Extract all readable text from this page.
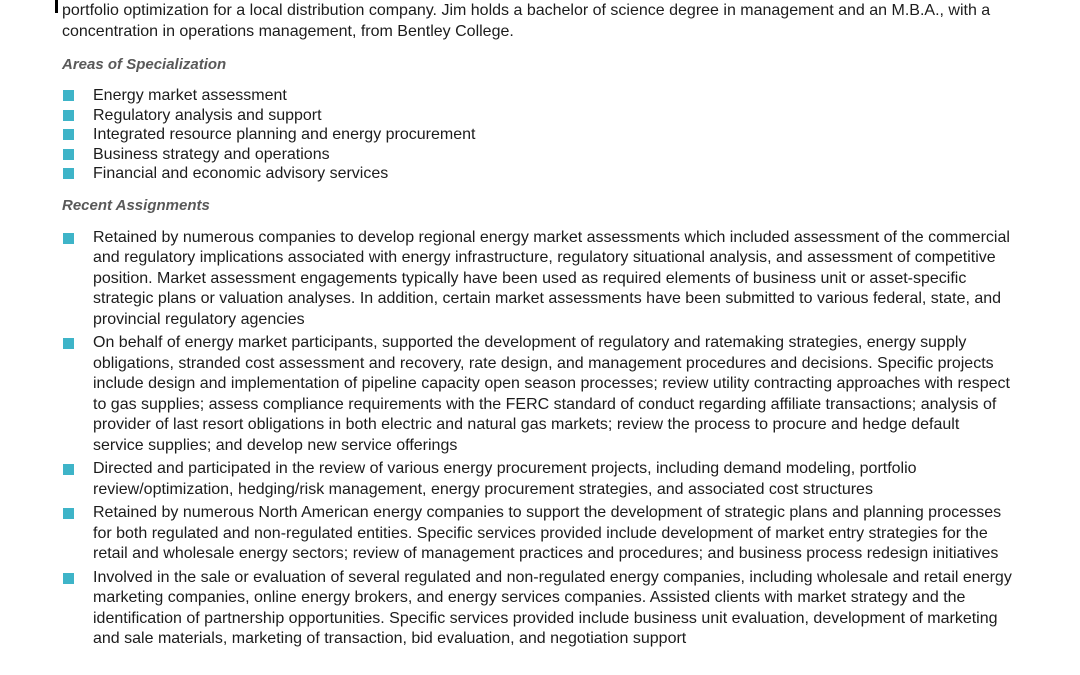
portfolio optimization for a local distribution company. Jim holds a bachelor of science degree in management and an M.B.A., with a concentration in operations management, from Bentley College.

Areas of Specialization
Energy market assessment
Regulatory analysis and support
Integrated resource planning and energy procurement
Business strategy and operations
Financial and economic advisory services
Recent Assignments
Retained by numerous companies to develop regional energy market assessments which included assessment of the commercial and regulatory implications associated with energy infrastructure, regulatory situational analysis, and assessment of competitive position. Market assessment engagements typically have been used as required elements of business unit or asset-specific strategic plans or valuation analyses. In addition, certain market assessments have been submitted to various federal, state, and provincial regulatory agencies
On behalf of energy market participants, supported the development of regulatory and ratemaking strategies, energy supply obligations, stranded cost assessment and recovery, rate design, and management procedures and decisions. Specific projects include design and implementation of pipeline capacity open season processes; review utility contracting approaches with respect to gas supplies; assess compliance requirements with the FERC standard of conduct regarding affiliate transactions; analysis of provider of last resort obligations in both electric and natural gas markets; review the process to procure and hedge default service supplies; and develop new service offerings
Directed and participated in the review of various energy procurement projects, including demand modeling, portfolio review/optimization, hedging/risk management, energy procurement strategies, and associated cost structures
Retained by numerous North American energy companies to support the development of strategic plans and planning processes for both regulated and non-regulated entities. Specific services provided include development of market entry strategies for the retail and wholesale energy sectors; review of management practices and procedures; and business process redesign initiatives
Involved in the sale or evaluation of several regulated and non-regulated energy companies, including wholesale and retail energy marketing companies, online energy brokers, and energy services companies. Assisted clients with market strategy and the identification of partnership opportunities. Specific services provided include business unit evaluation, development of marketing and sale materials, marketing of transaction, bid evaluation, and negotiation support
